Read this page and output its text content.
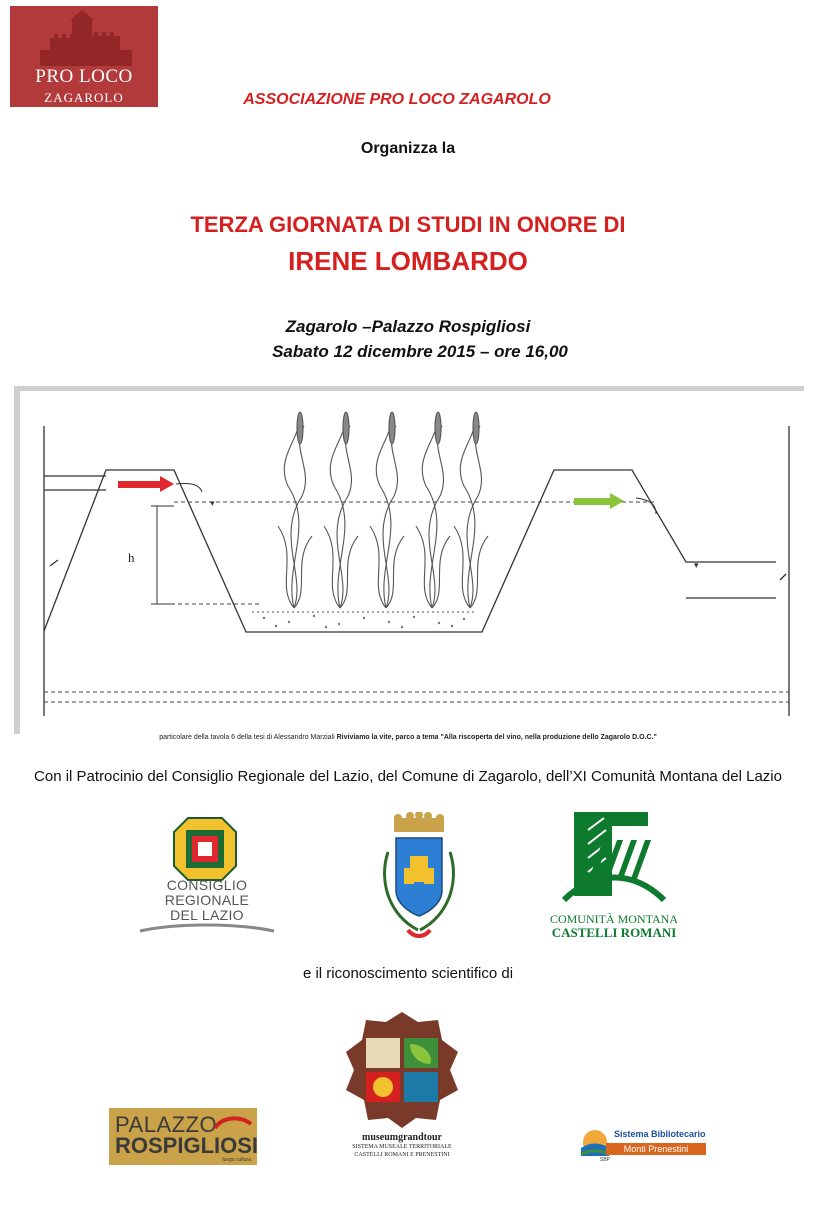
PRO LOCO
ZAGAROLO	ASSOCIAZIONE PRO LOCO ZAGAROLO
Organizza la
TERZA GIORNATA DI STUDI IN ONORE DI
IRENE LOMBARDO
Zagarolo –Palazzo Rospigliosi
Sabato 12 dicembre 2015 – ore 16,00
h
▾
▾
particolare della tavola 6 della tesi di Alessandro Marziali Riviviamo la vite, parco a tema "Alla riscoperta del vino, nella produzione dello Zagarolo D.O.C."
Con il Patrocinio del Consiglio Regionale del Lazio, del Comune di Zagarolo, dell’XI Comunità Montana del Lazio
CONSIGLIO
REGIONALE
DEL LAZIO	COMUNITÀ MONTANA
CASTELLI ROMANI
e il riconoscimento scientifico di
PALAZZO
ROSPIGLIOSI
luogo cultura
museumgrandtour
SISTEMA MUSEALE TERRITORIALE
CASTELLI ROMANI E PRENESTINI
Sistema Bibliotecario
Monti Prenestini
SBP
